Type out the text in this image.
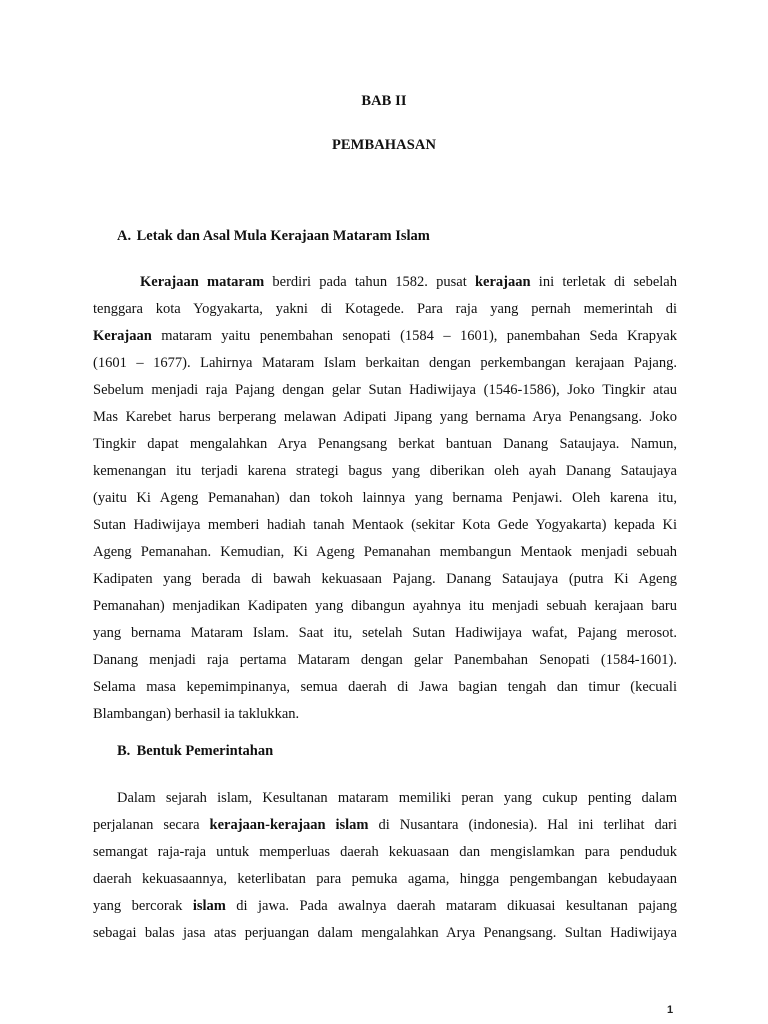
BAB II
PEMBAHASAN
A. Letak dan Asal Mula Kerajaan Mataram Islam
Kerajaan mataram berdiri pada tahun 1582. pusat kerajaan ini terletak di sebelah
tenggara kota Yogyakarta, yakni di Kotagede. Para raja yang pernah memerintah di
Kerajaan mataram yaitu penembahan senopati (1584 – 1601), panembahan Seda Krapyak
(1601 – 1677). Lahirnya Mataram Islam berkaitan dengan perkembangan kerajaan Pajang.
Sebelum menjadi raja Pajang dengan gelar Sutan Hadiwijaya (1546-1586), Joko Tingkir atau
Mas Karebet harus berperang melawan Adipati Jipang yang bernama Arya Penangsang. Joko
Tingkir dapat mengalahkan Arya Penangsang berkat bantuan Danang Sataujaya. Namun,
kemenangan itu terjadi karena strategi bagus yang diberikan oleh ayah Danang Sataujaya
(yaitu Ki Ageng Pemanahan) dan tokoh lainnya yang bernama Penjawi. Oleh karena itu,
Sutan Hadiwijaya memberi hadiah tanah Mentaok (sekitar Kota Gede Yogyakarta) kepada Ki
Ageng Pemanahan. Kemudian, Ki Ageng Pemanahan membangun Mentaok menjadi sebuah
Kadipaten yang berada di bawah kekuasaan Pajang. Danang Sataujaya (putra Ki Ageng
Pemanahan) menjadikan Kadipaten yang dibangun ayahnya itu menjadi sebuah kerajaan baru
yang bernama Mataram Islam. Saat itu, setelah Sutan Hadiwijaya wafat, Pajang merosot.
Danang menjadi raja pertama Mataram dengan gelar Panembahan Senopati (1584-1601).
Selama masa kepemimpinanya, semua daerah di Jawa bagian tengah dan timur (kecuali
Blambangan) berhasil ia taklukkan.
B. Bentuk Pemerintahan
Dalam sejarah islam, Kesultanan mataram memiliki peran yang cukup penting dalam
perjalanan secara kerajaan-kerajaan islam di Nusantara (indonesia). Hal ini terlihat dari
semangat raja-raja untuk memperluas daerah kekuasaan dan mengislamkan para penduduk
daerah kekuasaannya, keterlibatan para pemuka agama, hingga pengembangan kebudayaan
yang bercorak islam di jawa. Pada awalnya daerah mataram dikuasai kesultanan pajang
sebagai balas jasa atas perjuangan dalam mengalahkan Arya Penangsang. Sultan Hadiwijaya
1
